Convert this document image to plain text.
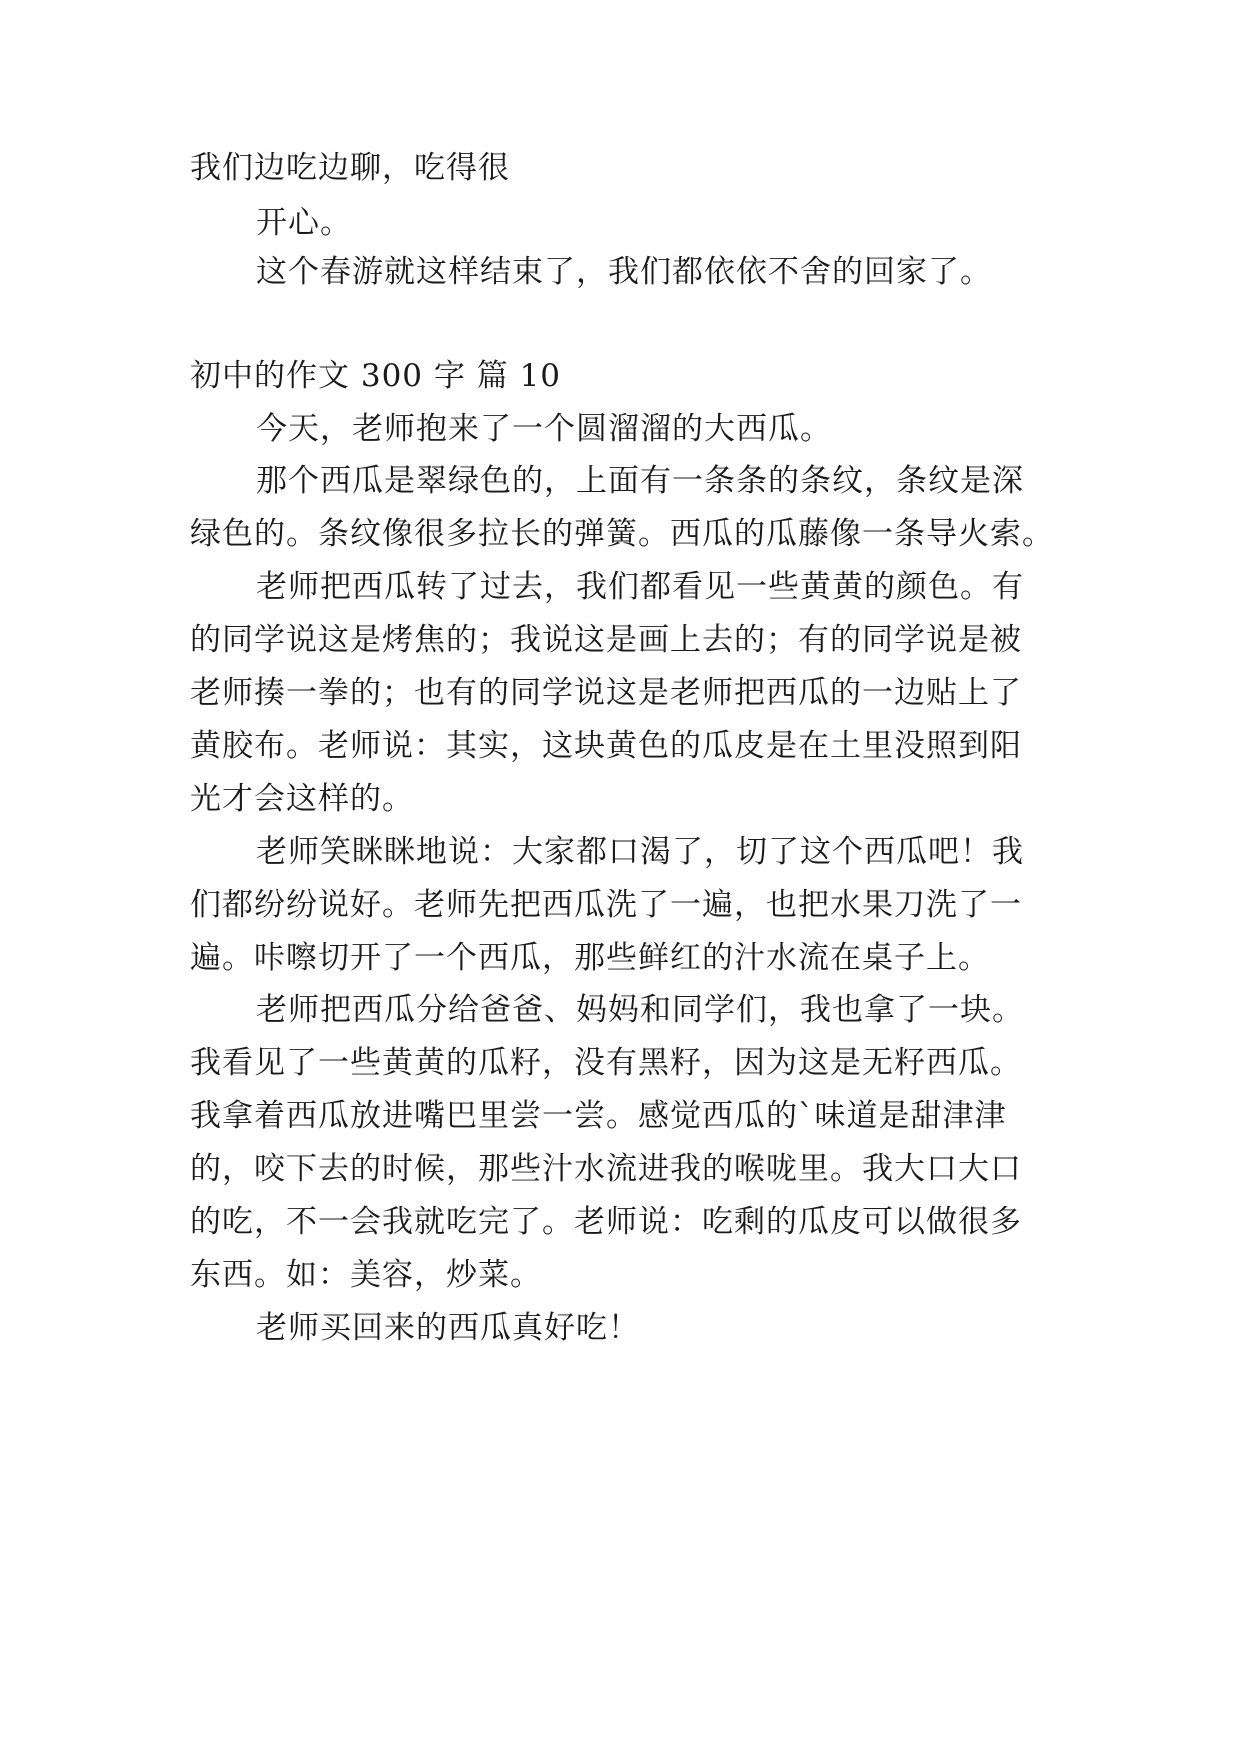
我们边吃边聊，吃得很
开心。
这个春游就这样结束了，我们都依依不舍的回家了。
初中的作文 300 字 篇 10
今天，老师抱来了一个圆溜溜的大西瓜。
那个西瓜是翠绿色的，上面有一条条的条纹，条纹是深
绿色的。条纹像很多拉长的弹簧。西瓜的瓜藤像一条导火索。
老师把西瓜转了过去，我们都看见一些黄黄的颜色。有
的同学说这是烤焦的；我说这是画上去的；有的同学说是被
老师揍一拳的；也有的同学说这是老师把西瓜的一边贴上了
黄胶布。老师说：其实，这块黄色的瓜皮是在土里没照到阳
光才会这样的。
老师笑眯眯地说：大家都口渴了，切了这个西瓜吧！我
们都纷纷说好。老师先把西瓜洗了一遍，也把水果刀洗了一
遍。咔嚓切开了一个西瓜，那些鲜红的汁水流在桌子上。
老师把西瓜分给爸爸、妈妈和同学们，我也拿了一块。
我看见了一些黄黄的瓜籽，没有黑籽，因为这是无籽西瓜。
我拿着西瓜放进嘴巴里尝一尝。感觉西瓜的`味道是甜津津
的，咬下去的时候，那些汁水流进我的喉咙里。我大口大口
的吃，不一会我就吃完了。老师说：吃剩的瓜皮可以做很多
东西。如：美容，炒菜。
老师买回来的西瓜真好吃！
